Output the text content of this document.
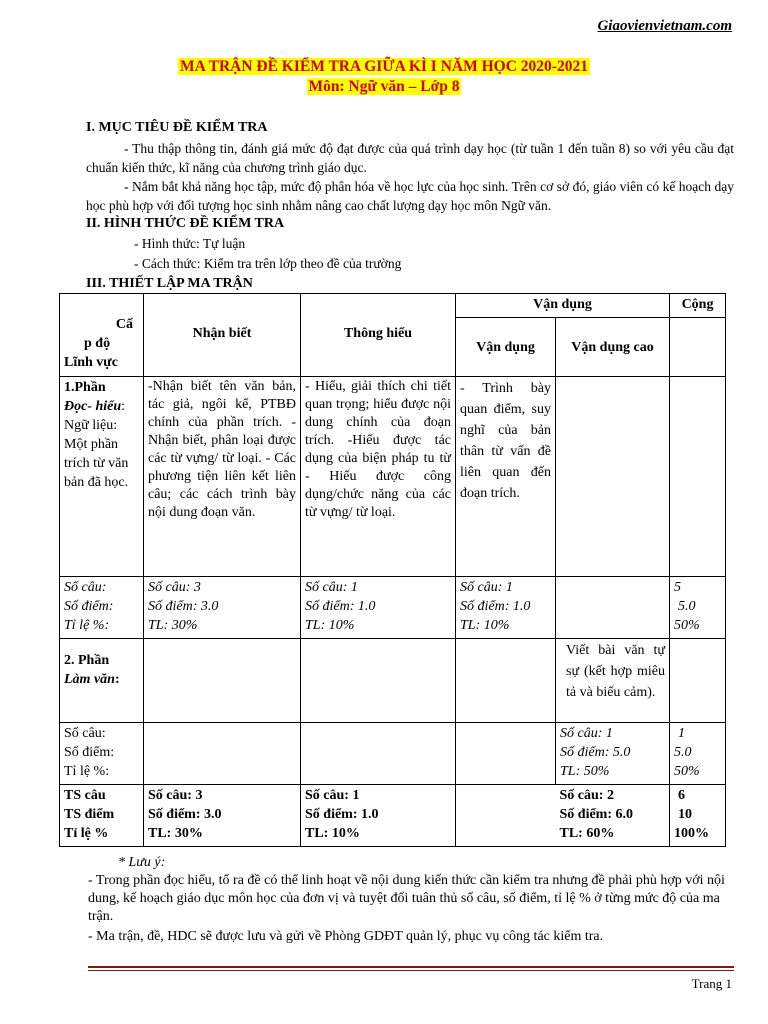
Giaovienvietnam.com
MA TRẬN ĐỀ KIỂM TRA GIỮA KÌ I NĂM HỌC 2020-2021
Môn: Ngữ văn – Lớp 8
I. MỤC TIÊU ĐỀ KIỂM TRA
- Thu thập thông tin, đánh giá mức độ đạt được của quá trình dạy học (từ tuần 1 đến tuần 8) so với yêu cầu đạt chuẩn kiến thức, kĩ năng của chương trình giáo dục.
- Nắm bắt khả năng học tập, mức độ phân hóa về học lực của học sinh. Trên cơ sở đó, giáo viên có kế hoạch dạy học phù hợp với đối tượng học sinh nhằm nâng cao chất lượng dạy học môn Ngữ văn.
II. HÌNH THỨC ĐỀ KIỂM TRA
- Hình thức: Tự luận
- Cách thức: Kiểm tra trên lớp theo đề của trường
III. THIẾT LẬP MA TRẬN
Cấ
p độ
Lĩnh vực	Nhận biết	Thông hiểu	Vận dụng		Cộng
			Vận dụng	Vận dụng cao	
1.Phần
Đọc- hiểu:
Ngữ liệu: Một phần trích từ văn bản đã học.	-Nhận biết tên văn bản, tác giả, ngôi kể, PTBĐ chính của phần trích. -Nhận biết, phân loại được các từ vựng/ từ loại. - Các phương tiện liên kết liên câu; các cách trình bày nội dung đoạn văn.	- Hiểu, giải thích chi tiết quan trọng; hiểu được nội dung chính của đoạn trích. -Hiểu được tác dụng của biện pháp tu từ - Hiểu được công dụng/chức năng của các từ vựng/ từ loại.	- Trình bày quan điểm, suy nghĩ của bản thân từ vấn đề liên quan đến đoạn trích.		
Số câu:
Số điểm:
Tỉ lệ %:	Số câu: 3
Số điểm: 3.0
TL: 30%	Số câu: 1
Số điểm: 1.0
TL: 10%	Số câu: 1
Số điểm: 1.0
TL: 10%		5
5.0
50%
2. Phần
Làm văn:				Viết bài văn tự sự (kết hợp miêu tả và biểu cảm).	
Số câu:
Số điểm:
Tỉ lệ %:				Số câu: 1
Số điểm: 5.0
TL: 50%	1
5.0
50%
TS câu
TS điểm
Tỉ lệ %	Số câu: 3
Số điểm: 3.0
TL: 30%	Số câu: 1
Số điểm: 1.0
TL: 10%		Số câu: 2
Số điểm: 6.0
TL: 60%	6
10
100%
* Lưu ý:
- Trong phần đọc hiểu, tổ ra đề có thể linh hoạt về nội dung kiến thức cần kiểm tra nhưng đề phải phù hợp với nội dung, kế hoạch giáo dục môn học của đơn vị và tuyệt đối tuân thủ số câu, số điểm, tỉ lệ % ở từng mức độ của ma trận.
- Ma trận, đề, HDC sẽ được lưu và gửi về Phòng GDĐT quản lý, phục vụ công tác kiểm tra.
Trang 1
